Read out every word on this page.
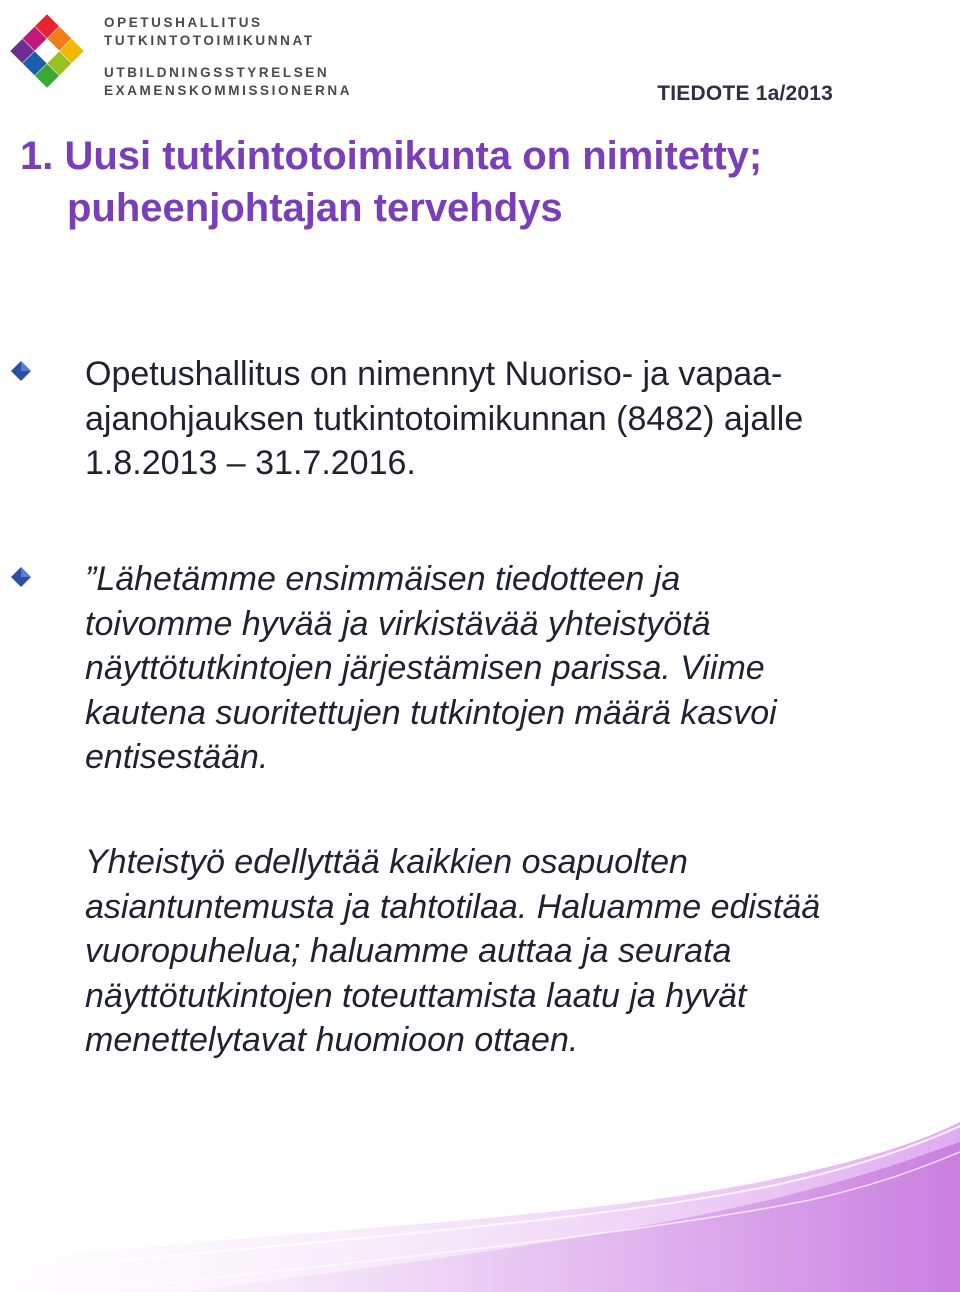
OPETUSHALLITUS
TUTKINTOTOIMIKUNNAT
UTBILDNINGSSTYRELSEN
EXAMENSKOMMISSIONERNA	TIEDOTE 1a/2013
1. Uusi tutkintotoimikunta on nimitetty;
puheenjohtajan tervehdys
Opetushallitus on nimennyt Nuoriso- ja vapaa-
ajanohjauksen tutkintotoimikunnan (8482) ajalle
1.8.2013 – 31.7.2016.
”Lähetämme ensimmäisen tiedotteen ja
toivomme hyvää ja virkistävää yhteistyötä
näyttötutkintojen järjestämisen parissa. Viime
kautena suoritettujen tutkintojen määrä kasvoi
entisestään.
Yhteistyö edellyttää kaikkien osapuolten
asiantuntemusta ja tahtotilaa. Haluamme edistää
vuoropuhelua; haluamme auttaa ja seurata
näyttötutkintojen toteuttamista laatu ja hyvät
menettelytavat huomioon ottaen.
